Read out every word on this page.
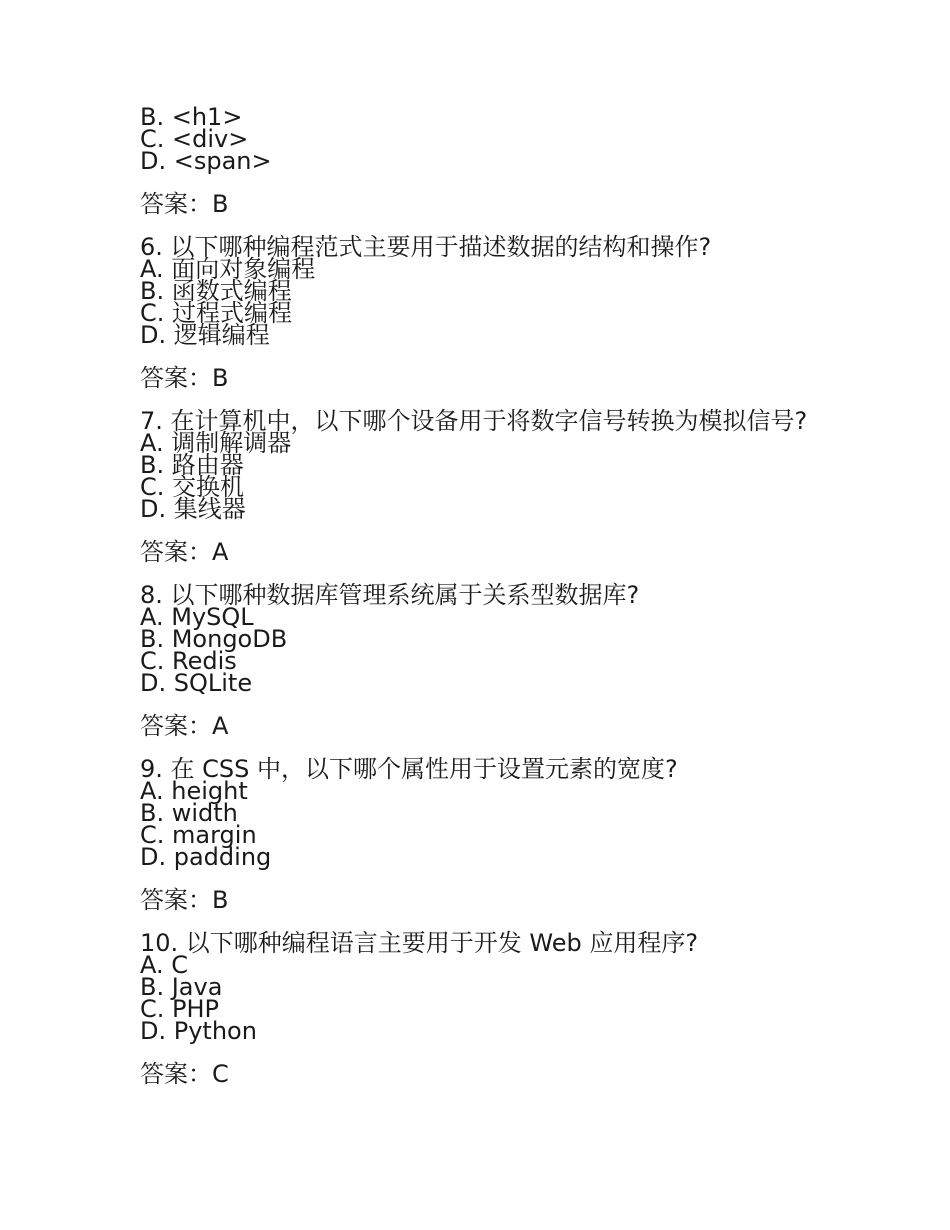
B. <h1>
C. <div>
D. <span>
答案：B
6. 以下哪种编程范式主要用于描述数据的结构和操作?
A. 面向对象编程
B. 函数式编程
C. 过程式编程
D. 逻辑编程
答案：B
7. 在计算机中，以下哪个设备用于将数字信号转换为模拟信号?
A. 调制解调器
B. 路由器
C. 交换机
D. 集线器
答案：A
8. 以下哪种数据库管理系统属于关系型数据库?
A. MySQL
B. MongoDB
C. Redis
D. SQLite
答案：A
9. 在 CSS 中，以下哪个属性用于设置元素的宽度?
A. height
B. width
C. margin
D. padding
答案：B
10. 以下哪种编程语言主要用于开发 Web 应用程序?
A. C
B. Java
C. PHP
D. Python
答案：C
